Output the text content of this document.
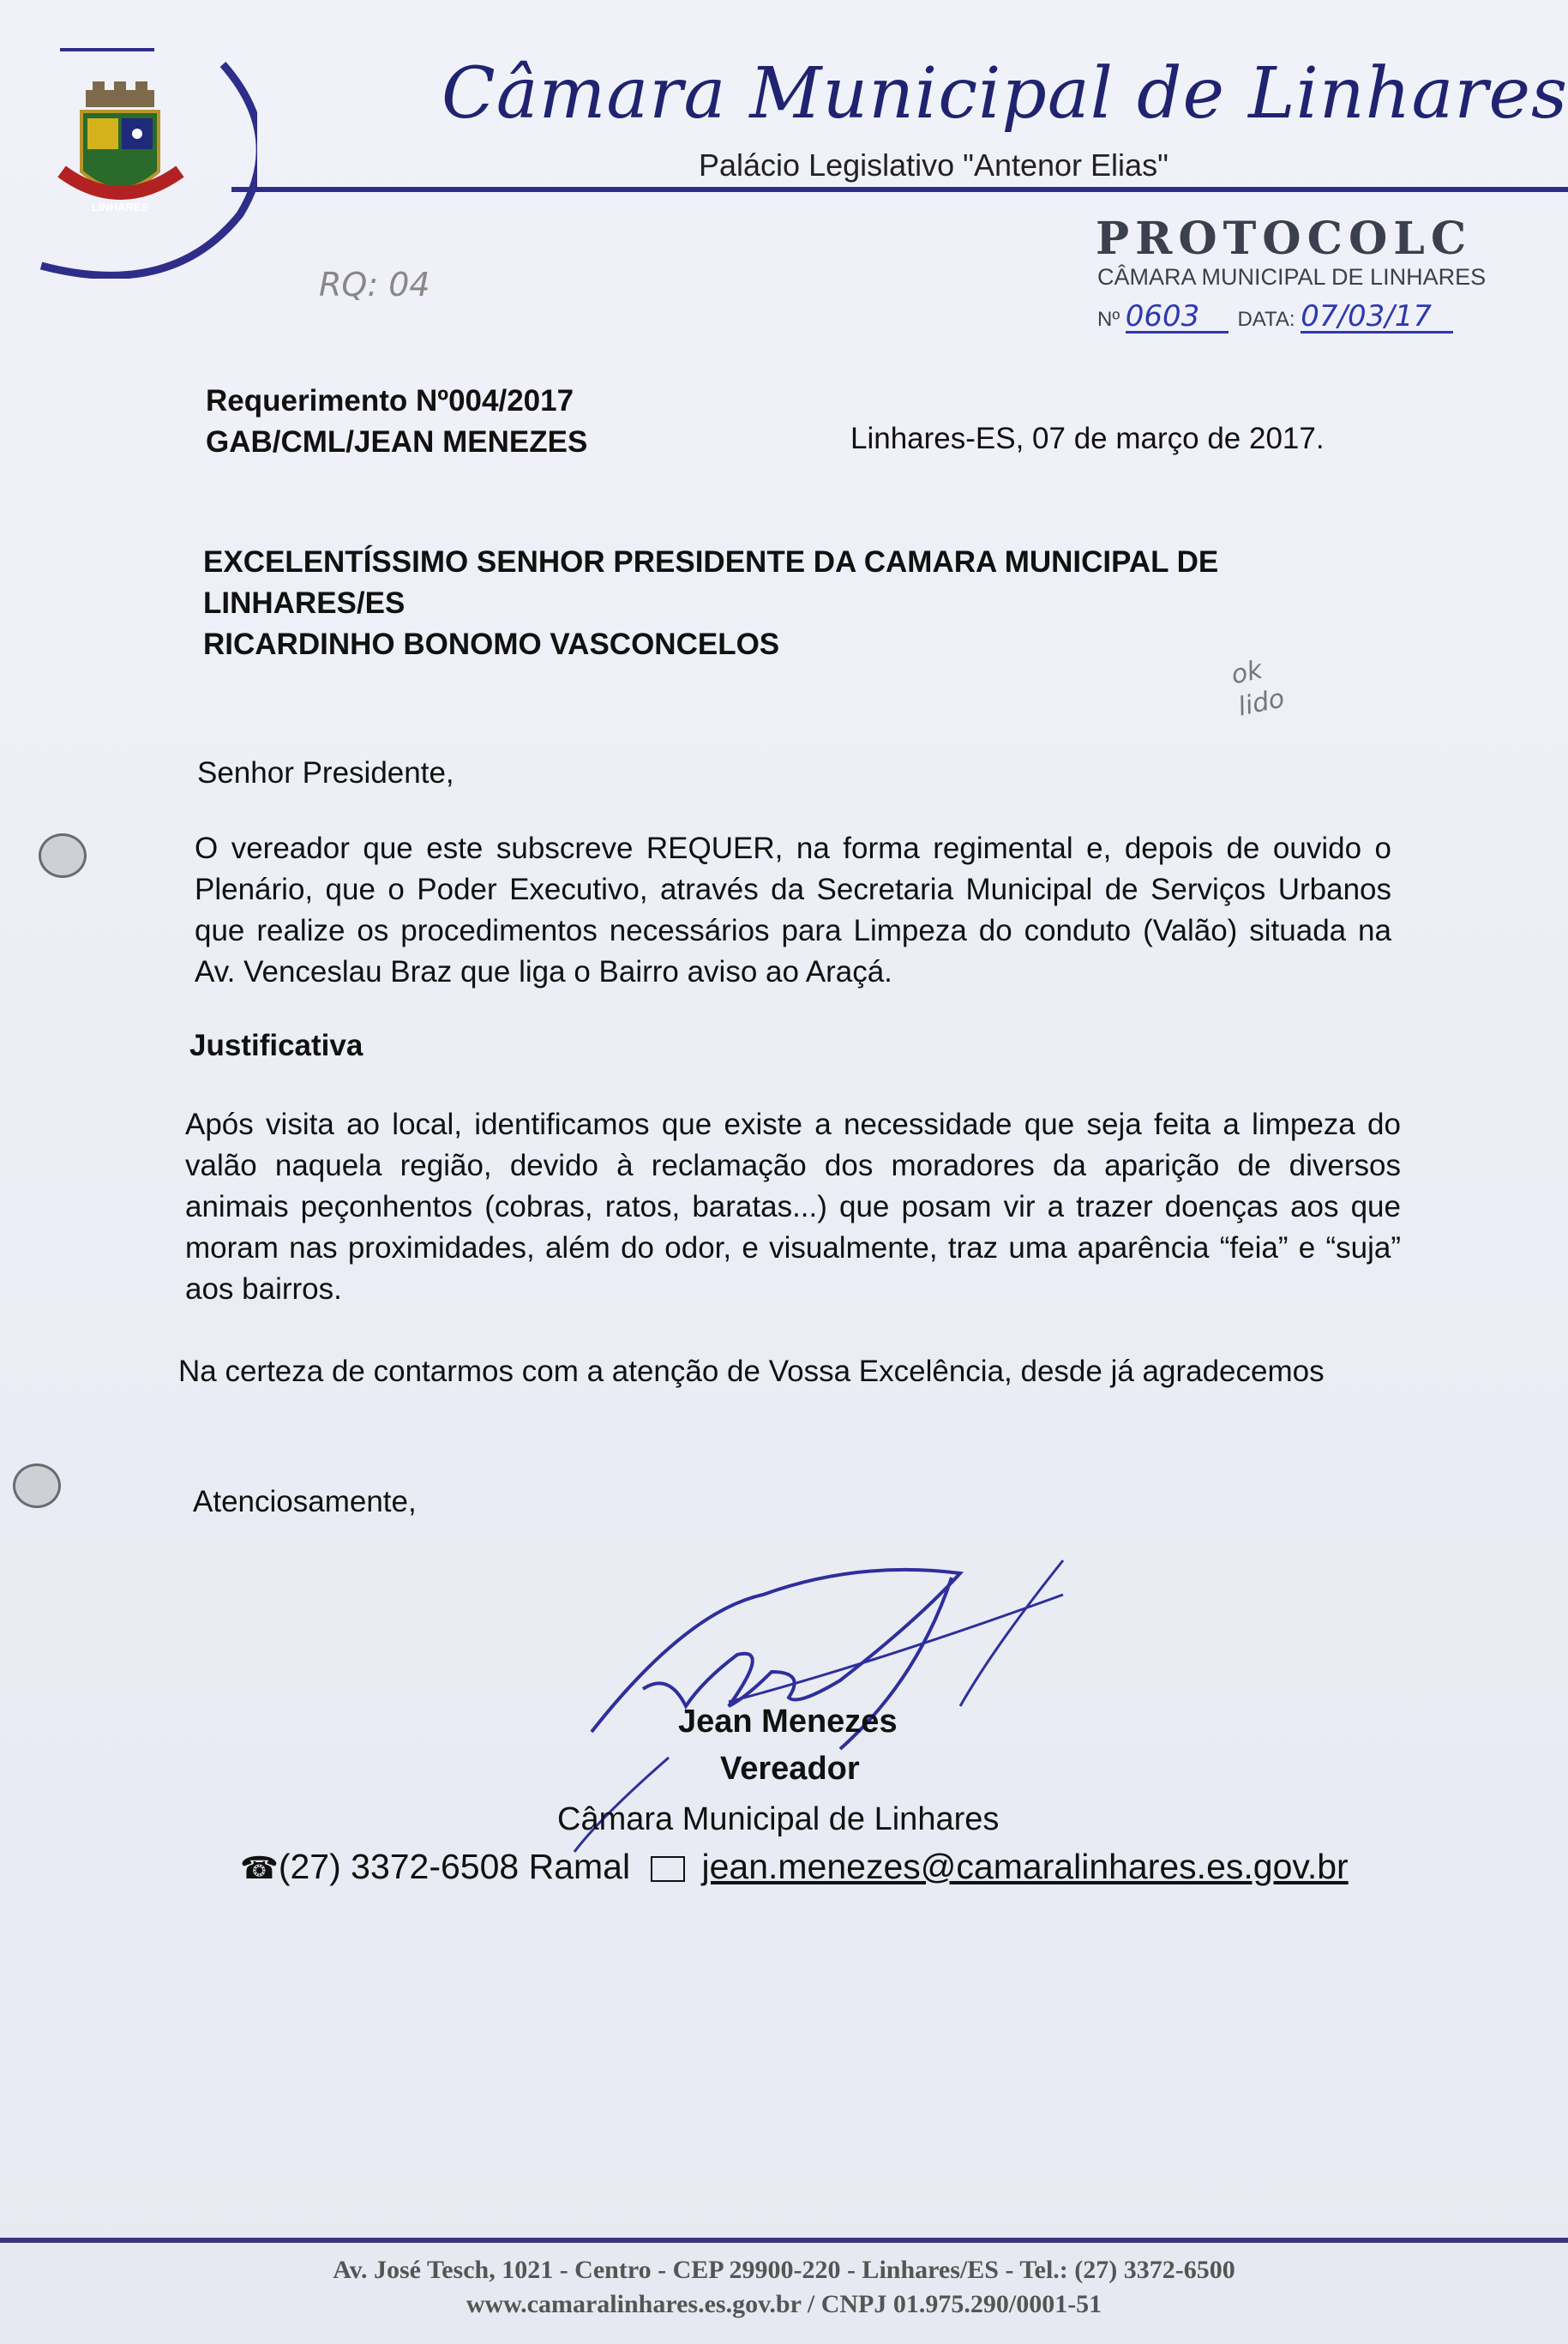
LINHARES
Câmara Municipal de Linhares
Palácio Legislativo "Antenor Elias"
PROTOCOLC
CÂMARA MUNICIPAL DE LINHARES
Nº 0603 DATA: 07/03/17
RQ: 04
ok lido
Requerimento Nº004/2017
GAB/CML/JEAN MENEZES	Linhares-ES, 07 de março de 2017.
EXCELENTÍSSIMO SENHOR PRESIDENTE DA CAMARA MUNICIPAL DE
LINHARES/ES
RICARDINHO BONOMO VASCONCELOS
Senhor Presidente,
O vereador que este subscreve REQUER, na forma regimental e, depois de ouvido o
Plenário, que o Poder Executivo, através da Secretaria Municipal de Serviços Urbanos
que realize os procedimentos necessários para Limpeza do conduto (Valão) situada na
Av. Venceslau Braz que liga o Bairro aviso ao Araçá.
Justificativa
Após visita ao local, identificamos que existe a necessidade que seja feita a limpeza do
valão naquela região, devido à reclamação dos moradores da aparição de diversos
animais peçonhentos (cobras, ratos, baratas...) que posam vir a trazer doenças aos que
moram nas proximidades, além do odor, e visualmente, traz uma aparência “feia” e “suja”
aos bairros.
Na certeza de contarmos com a atenção de Vossa Excelência, desde já agradecemos
Atenciosamente,
Jean Menezes
Vereador
Câmara Municipal de Linhares
☎(27) 3372-6508 Ramal jean.menezes@camaralinhares.es.gov.br
Av. José Tesch, 1021 - Centro - CEP 29900-220 - Linhares/ES - Tel.: (27) 3372-6500
www.camaralinhares.es.gov.br / CNPJ 01.975.290/0001-51
